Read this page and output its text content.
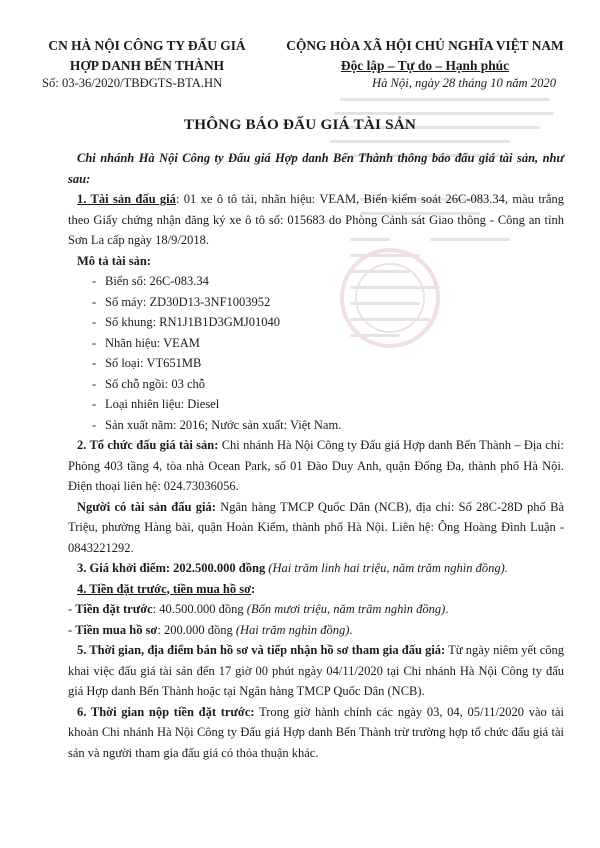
CN HÀ NỘI CÔNG TY ĐẤU GIÁ
HỢP DANH BẾN THÀNH
CỘNG HÒA XÃ HỘI CHỦ NGHĨA VIỆT NAM
Độc lập – Tự do – Hạnh phúc
Số: 03-36/2020/TBĐGTS-BTA.HN	Hà Nội, ngày 28 tháng 10 năm 2020
THÔNG BÁO ĐẤU GIÁ TÀI SẢN

Chi nhánh Hà Nội Công ty Đấu giá Hợp danh Bến Thành thông báo đấu giá tài sản, như sau:

1. Tài sản đấu giá: 01 xe ô tô tải, nhãn hiệu: VEAM, Biển kiểm soát 26C-083.34, màu trắng theo Giấy chứng nhận đăng ký xe ô tô số: 015683 do Phòng Cảnh sát Giao thông - Công an tỉnh Sơn La cấp ngày 18/9/2018.

Mô tả tài sản:

- Biển số: 26C-083.34
- Số máy: ZD30D13-3NF1003952
- Số khung: RN1J1B1D3GMJ01040
- Nhãn hiệu: VEAM
- Số loại: VT651MB
- Số chỗ ngồi: 03 chỗ
- Loại nhiên liệu: Diesel
- Sản xuất năm: 2016; Nước sản xuất: Việt Nam.

2. Tổ chức đấu giá tài sản: Chi nhánh Hà Nội Công ty Đấu giá Hợp danh Bến Thành – Địa chỉ: Phòng 403 tầng 4, tòa nhà Ocean Park, số 01 Đào Duy Anh, quận Đống Đa, thành phố Hà Nội. Điện thoại liên hệ: 024.73036056.

Người có tài sản đấu giá: Ngân hàng TMCP Quốc Dân (NCB), địa chỉ: Số 28C-28D phố Bà Triệu, phường Hàng bài, quận Hoàn Kiếm, thành phố Hà Nội. Liên hệ: Ông Hoàng Đình Luận - 0843221292.

3. Giá khởi điểm: 202.500.000 đồng (Hai trăm linh hai triệu, năm trăm nghìn đồng).

4. Tiền đặt trước, tiền mua hồ sơ:

- Tiền đặt trước: 40.500.000 đồng (Bốn mươi triệu, năm trăm nghìn đồng).

- Tiền mua hồ sơ: 200.000 đồng (Hai trăm nghìn đồng).

5. Thời gian, địa điểm bán hồ sơ và tiếp nhận hồ sơ tham gia đấu giá: Từ ngày niêm yết công khai việc đấu giá tài sản đến 17 giờ 00 phút ngày 04/11/2020 tại Chi nhánh Hà Nội Công ty đấu giá Hợp danh Bến Thành hoặc tại Ngân hàng TMCP Quốc Dân (NCB).

6. Thời gian nộp tiền đặt trước: Trong giờ hành chính các ngày 03, 04, 05/11/2020 vào tài khoản Chi nhánh Hà Nội Công ty Đấu giá Hợp danh Bến Thành trừ trường hợp tổ chức đấu giá tài sản và người tham gia đấu giá có thỏa thuận khác.
